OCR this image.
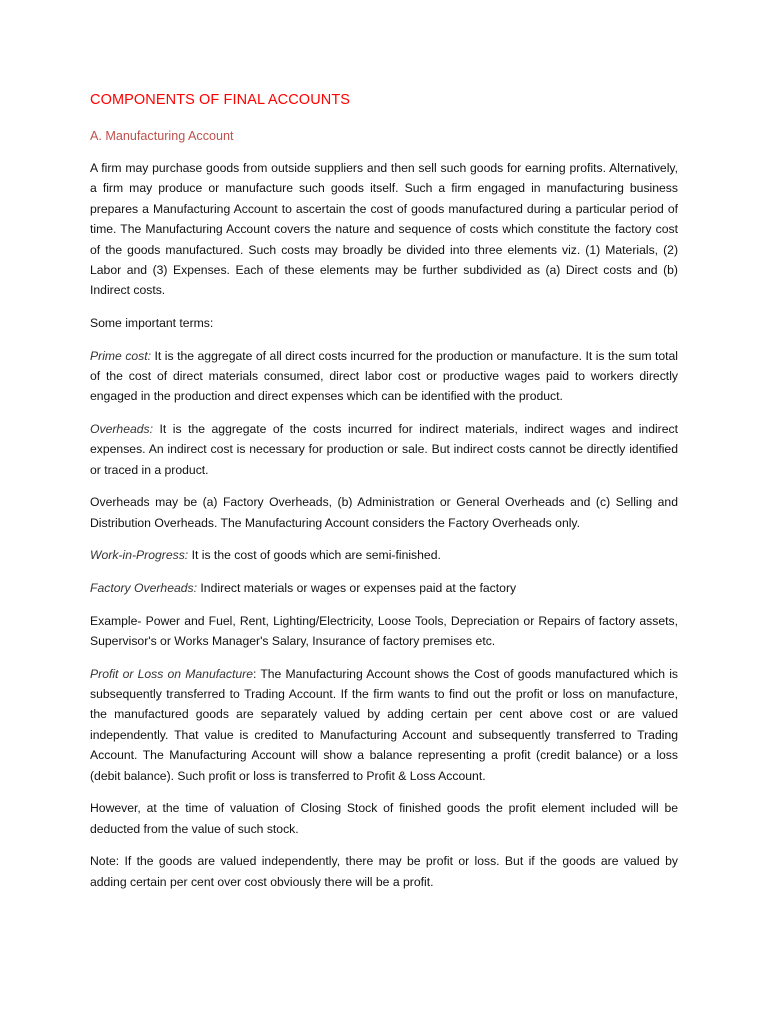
COMPONENTS OF FINAL ACCOUNTS
A. Manufacturing Account

A firm may purchase goods from outside suppliers and then sell such goods for earning profits. Alternatively, a firm may produce or manufacture such goods itself. Such a firm engaged in manufacturing business prepares a Manufacturing Account to ascertain the cost of goods manufactured during a particular period of time. The Manufacturing Account covers the nature and sequence of costs which constitute the factory cost of the goods manufactured. Such costs may broadly be divided into three elements viz. (1) Materials, (2) Labor and (3) Expenses. Each of these elements may be further subdivided as (a) Direct costs and (b) Indirect costs.

Some important terms:

Prime cost: It is the aggregate of all direct costs incurred for the production or manufacture. It is the sum total of the cost of direct materials consumed, direct labor cost or productive wages paid to workers directly engaged in the production and direct expenses which can be identified with the product.

Overheads: It is the aggregate of the costs incurred for indirect materials, indirect wages and indirect expenses. An indirect cost is necessary for production or sale. But indirect costs cannot be directly identified or traced in a product.

Overheads may be (a) Factory Overheads, (b) Administration or General Overheads and (c) Selling and Distribution Overheads. The Manufacturing Account considers the Factory Overheads only.

Work-in-Progress: It is the cost of goods which are semi-finished.

Factory Overheads: Indirect materials or wages or expenses paid at the factory

Example- Power and Fuel, Rent, Lighting/Electricity, Loose Tools, Depreciation or Repairs of factory assets, Supervisor's or Works Manager's Salary, Insurance of factory premises etc.

Profit or Loss on Manufacture: The Manufacturing Account shows the Cost of goods manufactured which is subsequently transferred to Trading Account. If the firm wants to find out the profit or loss on manufacture, the manufactured goods are separately valued by adding certain per cent above cost or are valued independently. That value is credited to Manufacturing Account and subsequently transferred to Trading Account. The Manufacturing Account will show a balance representing a profit (credit balance) or a loss (debit balance). Such profit or loss is transferred to Profit & Loss Account.

However, at the time of valuation of Closing Stock of finished goods the profit element included will be deducted from the value of such stock.

Note: If the goods are valued independently, there may be profit or loss. But if the goods are valued by adding certain per cent over cost obviously there will be a profit.
